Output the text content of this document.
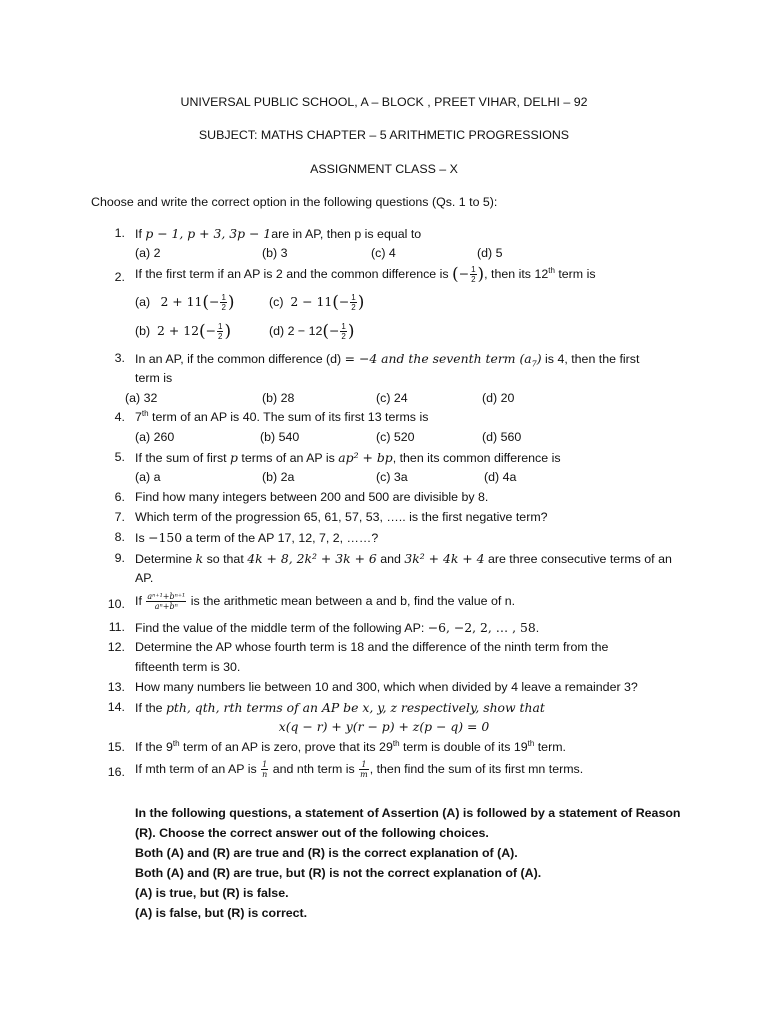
UNIVERSAL PUBLIC SCHOOL, A – BLOCK , PREET VIHAR, DELHI – 92
SUBJECT: MATHS CHAPTER – 5 ARITHMETIC PROGRESSIONS
ASSIGNMENT CLASS – X
Choose and write the correct option in the following questions (Qs. 1 to 5):
1. If p − 1, p + 3, 3p − 1are in AP, then p is equal to
(a) 2	(b) 3	(c) 4	(d) 5
2. If the first term if an AP is 2 and the common difference is (− $\frac{1}{2}$ ), then its 12th term is
(a) $2 + 11(- \frac{1}{2}$ )	(c) $2 - 11(- \frac{1}{2}$ )
(b) $2 + 12(- \frac{1}{2}$ )	(d) $2 - 12(- \frac{1}{2}$ )
3. In an AP, if the common difference (d) = −4 and the seventh term $(a_7)$ is 4, then the first
term is
(a) 32	(b) 28	(c) 24	(d) 20
4. 7th term of an AP is 40. The sum of its first 13 terms is
(a) 260	(b) 540	(c) 520	(d) 560
5. If the sum of first p terms of an AP is ap² + bp, then its common difference is
(a) a	(b) 2a	(c) 3a	(d) 4a
6. Find how many integers between 200 and 500 are divisible by 8.
7. Which term of the progression 65, 61, 57, 53, ….. is the first negative term?
8. Is −150 a term of the AP 17, 12, 7, 2, ……?
9. Determine k so that 4k + 8, 2k² + 3k + 6 and 3k² + 4k + 4 are three consecutive terms of an
AP.
10. If $\frac{\text{aⁿ⁺¹+bⁿ⁺¹}}{\text{aⁿ+bⁿ}}$ is the arithmetic mean between a and b, find the value of n.
11. Find the value of the middle term of the following AP: −6, −2, 2, … , 58.
12. Determine the AP whose fourth term is 18 and the difference of the ninth term from the
fifteenth term is 30.
13. How many numbers lie between 10 and 300, which when divided by 4 leave a remainder 3?
14. If the pth, qth, rth terms of an AP be x, y, z respectively, show that
x(q − r) + y(r − p) + z(p − q) = 0
15. If the 9th term of an AP is zero, prove that its 29th term is double of its 19th term.
16. If mth term of an AP is $\frac{1}{n}$ and nth term is $\frac{1}{m}$ , then find the sum of its first mn terms.
In the following questions, a statement of Assertion (A) is followed by a statement of Reason
(R). Choose the correct answer out of the following choices.
Both (A) and (R) are true and (R) is the correct explanation of (A).
Both (A) and (R) are true, but (R) is not the correct explanation of (A).
(A) is true, but (R) is false.
(A) is false, but (R) is correct.
